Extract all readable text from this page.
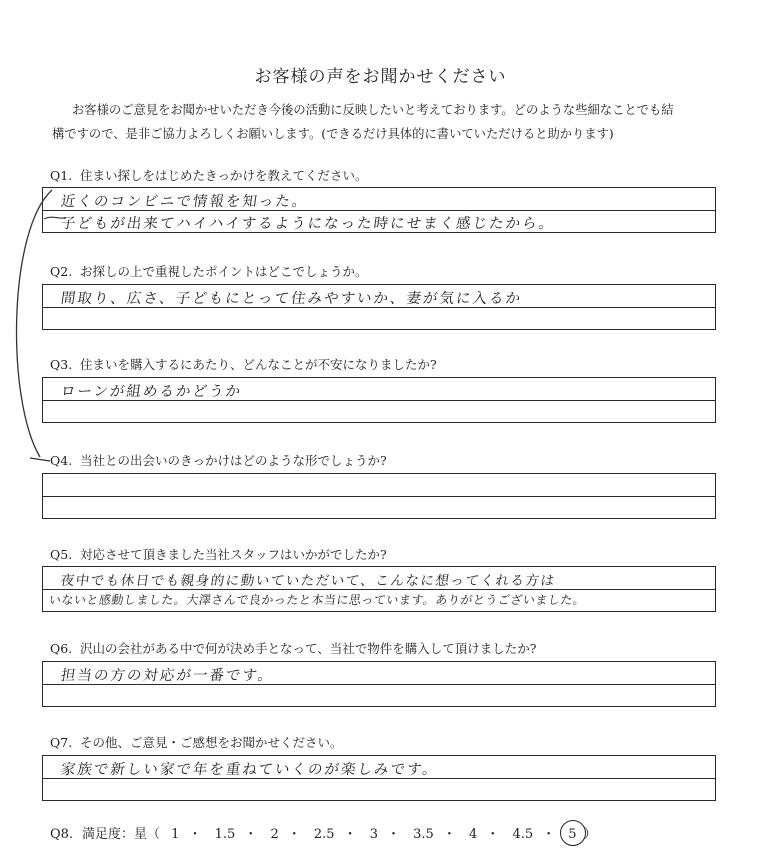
お客様の声をお聞かせください
お客様のご意見をお聞かせいただき今後の活動に反映したいと考えております。どのような些細なことでも結
構ですので、是非ご協力よろしくお願いします。(できるだけ具体的に書いていただけると助かります)
Q1. 住まい探しをはじめたきっかけを教えてください。
近くのコンビニで情報を知った。
子どもが出来てハイハイするようになった時にせまく感じたから。
Q2. お探しの上で重視したポイントはどこでしょうか。
間取り、広さ、子どもにとって住みやすいか、妻が気に入るか
Q3. 住まいを購入するにあたり、どんなことが不安になりましたか?
ローンが組めるかどうか
Q4. 当社との出会いのきっかけはどのような形でしょうか?
Q5. 対応させて頂きました当社スタッフはいかがでしたか?
夜中でも休日でも親身的に動いていただいて、こんなに想ってくれる方は
いないと感動しました。大澤さんで良かったと本当に思っています。ありがとうございました。
Q6. 沢山の会社がある中で何が決め手となって、当社で物件を購入して頂けましたか?
担当の方の対応が一番です。
Q7. その他、ご意見・ご感想をお聞かせください。
家族で新しい家で年を重ねていくのが楽しみです。
Q8. 満足度：星（ 1 ・ 1.5 ・ 2 ・ 2.5 ・ 3 ・ 3.5 ・ 4 ・ 4.5 ・ 5 ）
